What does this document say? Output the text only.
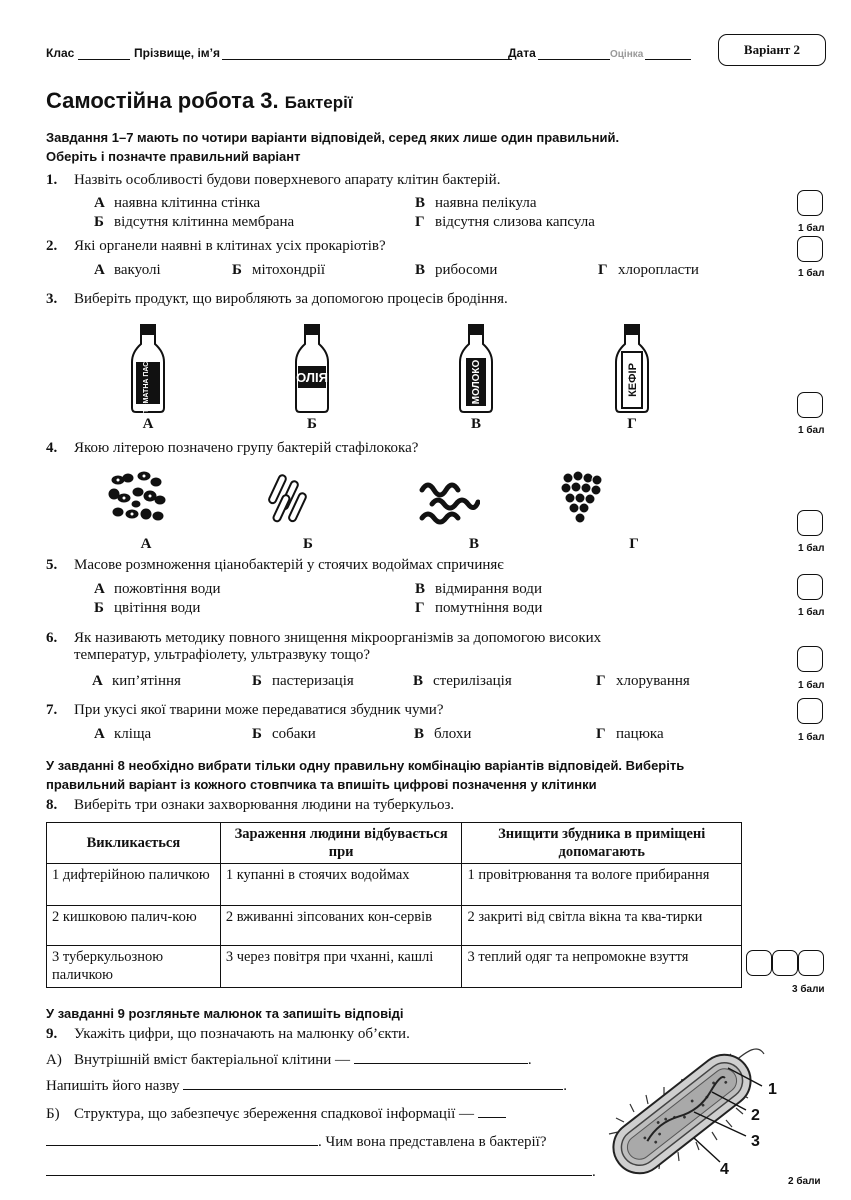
Клас	Прізвище, ім’я	Дата	Оцінка	Варіант 2
Самостійна робота 3. Бактерії
Завдання 1–7 мають по чотири варіанти відповідей, серед яких лише один правильний.
Оберіть і позначте правильний варіант
1. Назвіть особливості будови поверхневого апарату клітин бактерій.
А наявна клітинна стінка	В наявна пелікула
Б відсутня клітинна мембрана	Г відсутня слизова капсула	1 бал
2. Які органели наявні в клітинах усіх прокаріотів?
А вакуолі	Б мітохондрії	В рибосоми	Г хлоропласти	1 бал
3. Виберіть продукт, що виробляють за допомогою процесів бродіння.
ТОМАТНА ПАСТА	ОЛІЯ	МОЛОКО	КЕФІР
А	Б	В	Г	1 бал
4. Якою літерою позначено групу бактерій стафілокока?
А	Б	В	Г	1 бал
5. Масове розмноження ціанобактерій у стоячих водоймах спричиняє
А пожовтіння води	В відмирання води
Б цвітіння води	Г помутніння води	1 бал
6. Як називають методику повного знищення мікроорганізмів за допомогою високих
температур, ультрафіолету, ультразвуку тощо?
А кип’ятіння	Б пастеризація	В стерилізація	Г хлорування	1 бал
7. При укусі якої тварини може передаватися збудник чуми?
А кліща	Б собаки	В блохи	Г пацюка	1 бал
У завданні 8 необхідно вибрати тільки одну правильну комбінацію варіантів відповідей. Виберіть
правильний варіант із кожного стовпчика та впишіть цифрові позначення у клітинки
8. Виберіть три ознаки захворювання людини на туберкульоз.
Викликається	Зараження людини відбувається при	Знищити збудника в приміщені допомагають
1 дифтерійною паличкою	1 купанні в стоячих водоймах	1 провітрювання та вологе прибирання
2 кишковою палич-кою	2 вживанні зіпсованих кон-сервів	2 закриті від світла вікна та ква-тирки
3 туберкульозною паличкою	3 через повітря при чханні, кашлі	3 теплий одяг та непромокне взуття
3 бали
У завданні 9 розгляньте малюнок та запишіть відповіді
9. Укажіть цифри, що позначають на малюнку об’єкти.
А) Внутрішній вміст бактеріальної клітини —	.
Напишіть його назву	.
Б) Структура, що забезпечує збереження спадкової інформації —
. Чим вона представлена в бактерії?
.
1
2
3
4
2 бали
